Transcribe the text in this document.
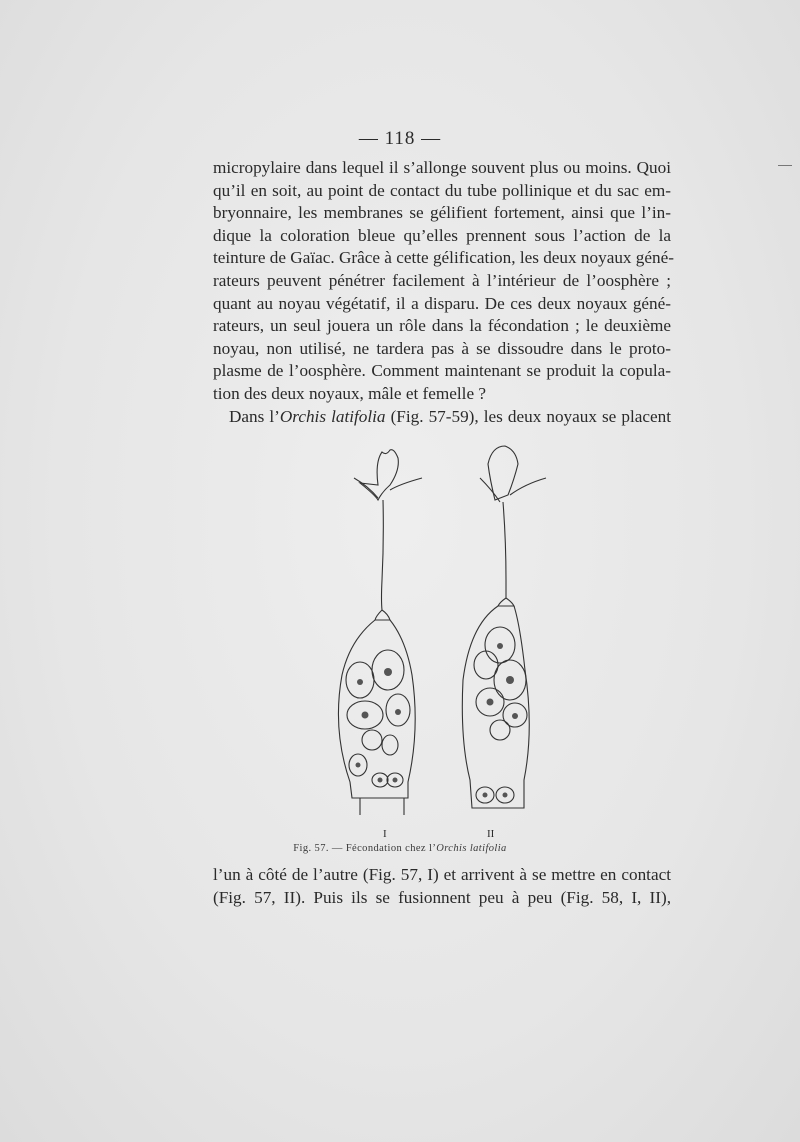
— 118 —
micropylaire dans lequel il s’allonge souvent plus ou moins. Quoi
qu’il en soit, au point de contact du tube pollinique et du sac em-
bryonnaire, les membranes se gélifient fortement, ainsi que l’in-
dique la coloration bleue qu’elles prennent sous l’action de la
teinture de Gaïac. Grâce à cette gélification, les deux noyaux géné-
rateurs peuvent pénétrer facilement à l’intérieur de l’oosphère ;
quant au noyau végétatif, il a disparu. De ces deux noyaux géné-
rateurs, un seul jouera un rôle dans la fécondation ; le deuxième
noyau, non utilisé, ne tardera pas à se dissoudre dans le proto-
plasme de l’oosphère. Comment maintenant se produit la copula-
tion des deux noyaux, mâle et femelle ?
Dans l’Orchis latifolia (Fig. 57-59), les deux noyaux se placent
I	II
Fig. 57. — Fécondation chez l’Orchis latifolia
l’un à côté de l’autre (Fig. 57, I) et arrivent à se mettre en contact
(Fig. 57, II). Puis ils se fusionnent peu à peu (Fig. 58, I, II),
